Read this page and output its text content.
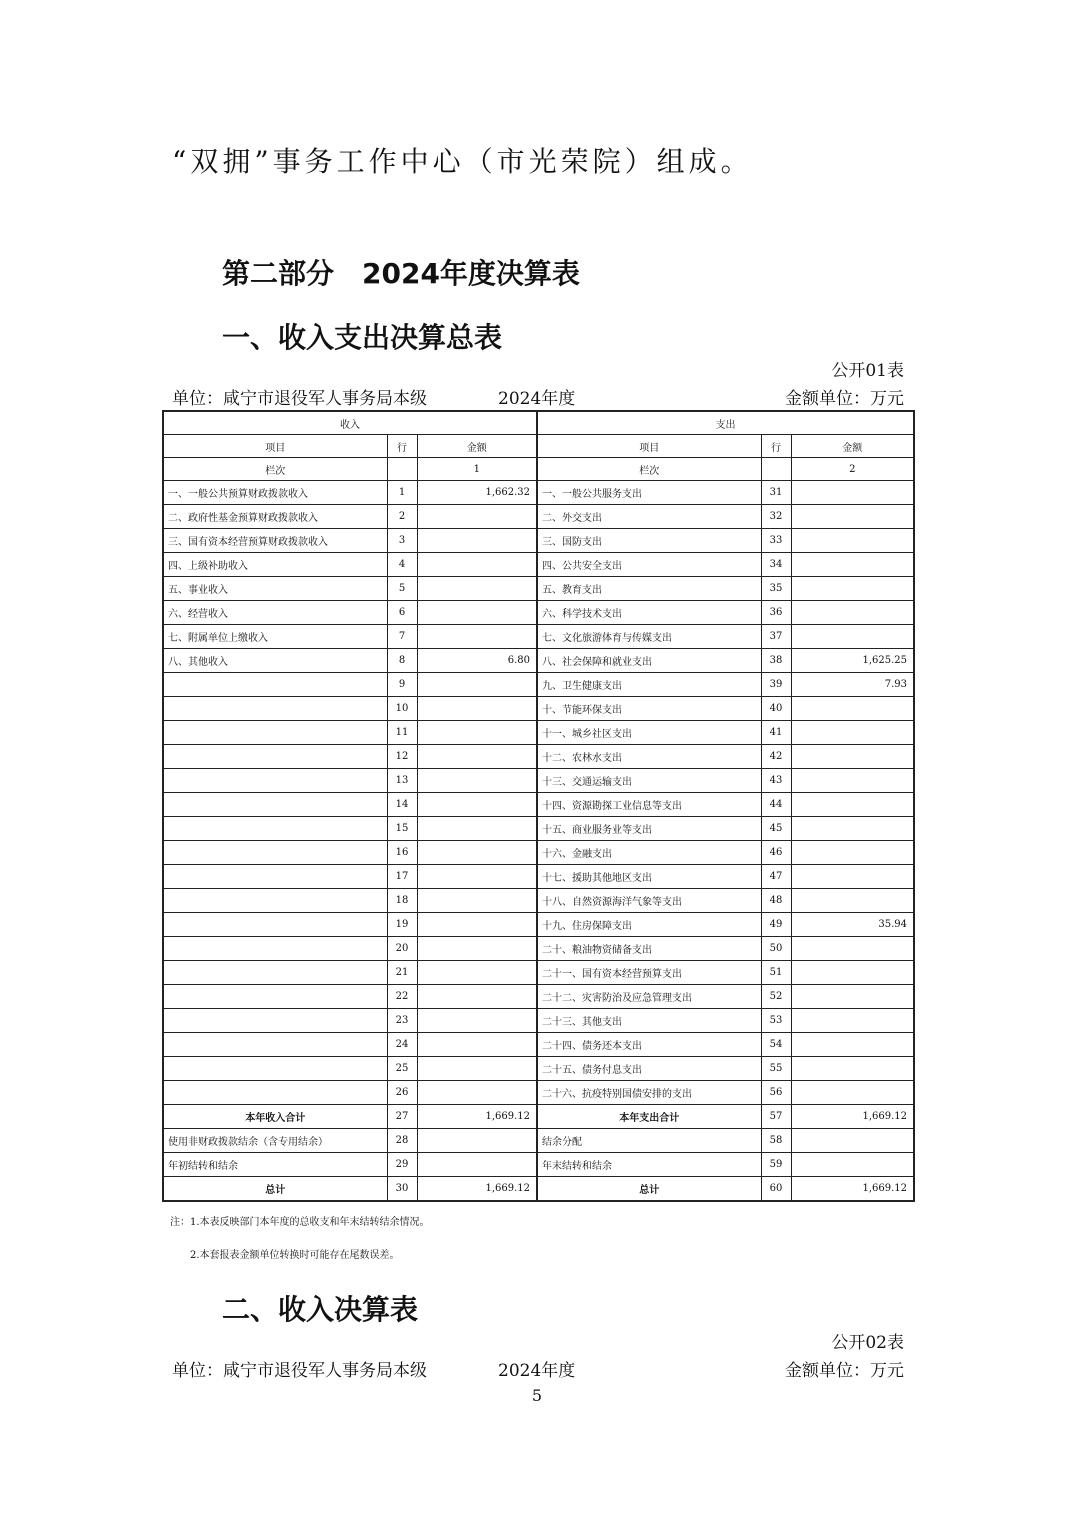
“双拥”事务工作中心（市光荣院）组成。
第二部分　2024年度决算表
一、收入支出决算总表
公开01表
单位：咸宁市退役军人事务局本级	2024年度	金额单位：万元
收入			支出		
项目	行	金额	项目	行	金额
栏次		1	栏次		2
一、一般公共预算财政拨款收入	1	1,662.32	一、一般公共服务支出	31	
二、政府性基金预算财政拨款收入	2		二、外交支出	32	
三、国有资本经营预算财政拨款收入	3		三、国防支出	33	
四、上级补助收入	4		四、公共安全支出	34	
五、事业收入	5		五、教育支出	35	
六、经营收入	6		六、科学技术支出	36	
七、附属单位上缴收入	7		七、文化旅游体育与传媒支出	37	
八、其他收入	8	6.80	八、社会保障和就业支出	38	1,625.25
	9		九、卫生健康支出	39	7.93
	10		十、节能环保支出	40	
	11		十一、城乡社区支出	41	
	12		十二、农林水支出	42	
	13		十三、交通运输支出	43	
	14		十四、资源勘探工业信息等支出	44	
	15		十五、商业服务业等支出	45	
	16		十六、金融支出	46	
	17		十七、援助其他地区支出	47	
	18		十八、自然资源海洋气象等支出	48	
	19		十九、住房保障支出	49	35.94
	20		二十、粮油物资储备支出	50	
	21		二十一、国有资本经营预算支出	51	
	22		二十二、灾害防治及应急管理支出	52	
	23		二十三、其他支出	53	
	24		二十四、债务还本支出	54	
	25		二十五、债务付息支出	55	
	26		二十六、抗疫特别国债安排的支出	56	
本年收入合计	27	1,669.12	本年支出合计	57	1,669.12
使用非财政拨款结余（含专用结余）	28		结余分配	58	
年初结转和结余	29		年末结转和结余	59	
总计	30	1,669.12	总计	60	1,669.12
注：1.本表反映部门本年度的总收支和年末结转结余情况。
2.本套报表金额单位转换时可能存在尾数误差。
二、收入决算表
公开02表
单位：咸宁市退役军人事务局本级	2024年度	金额单位：万元
5
